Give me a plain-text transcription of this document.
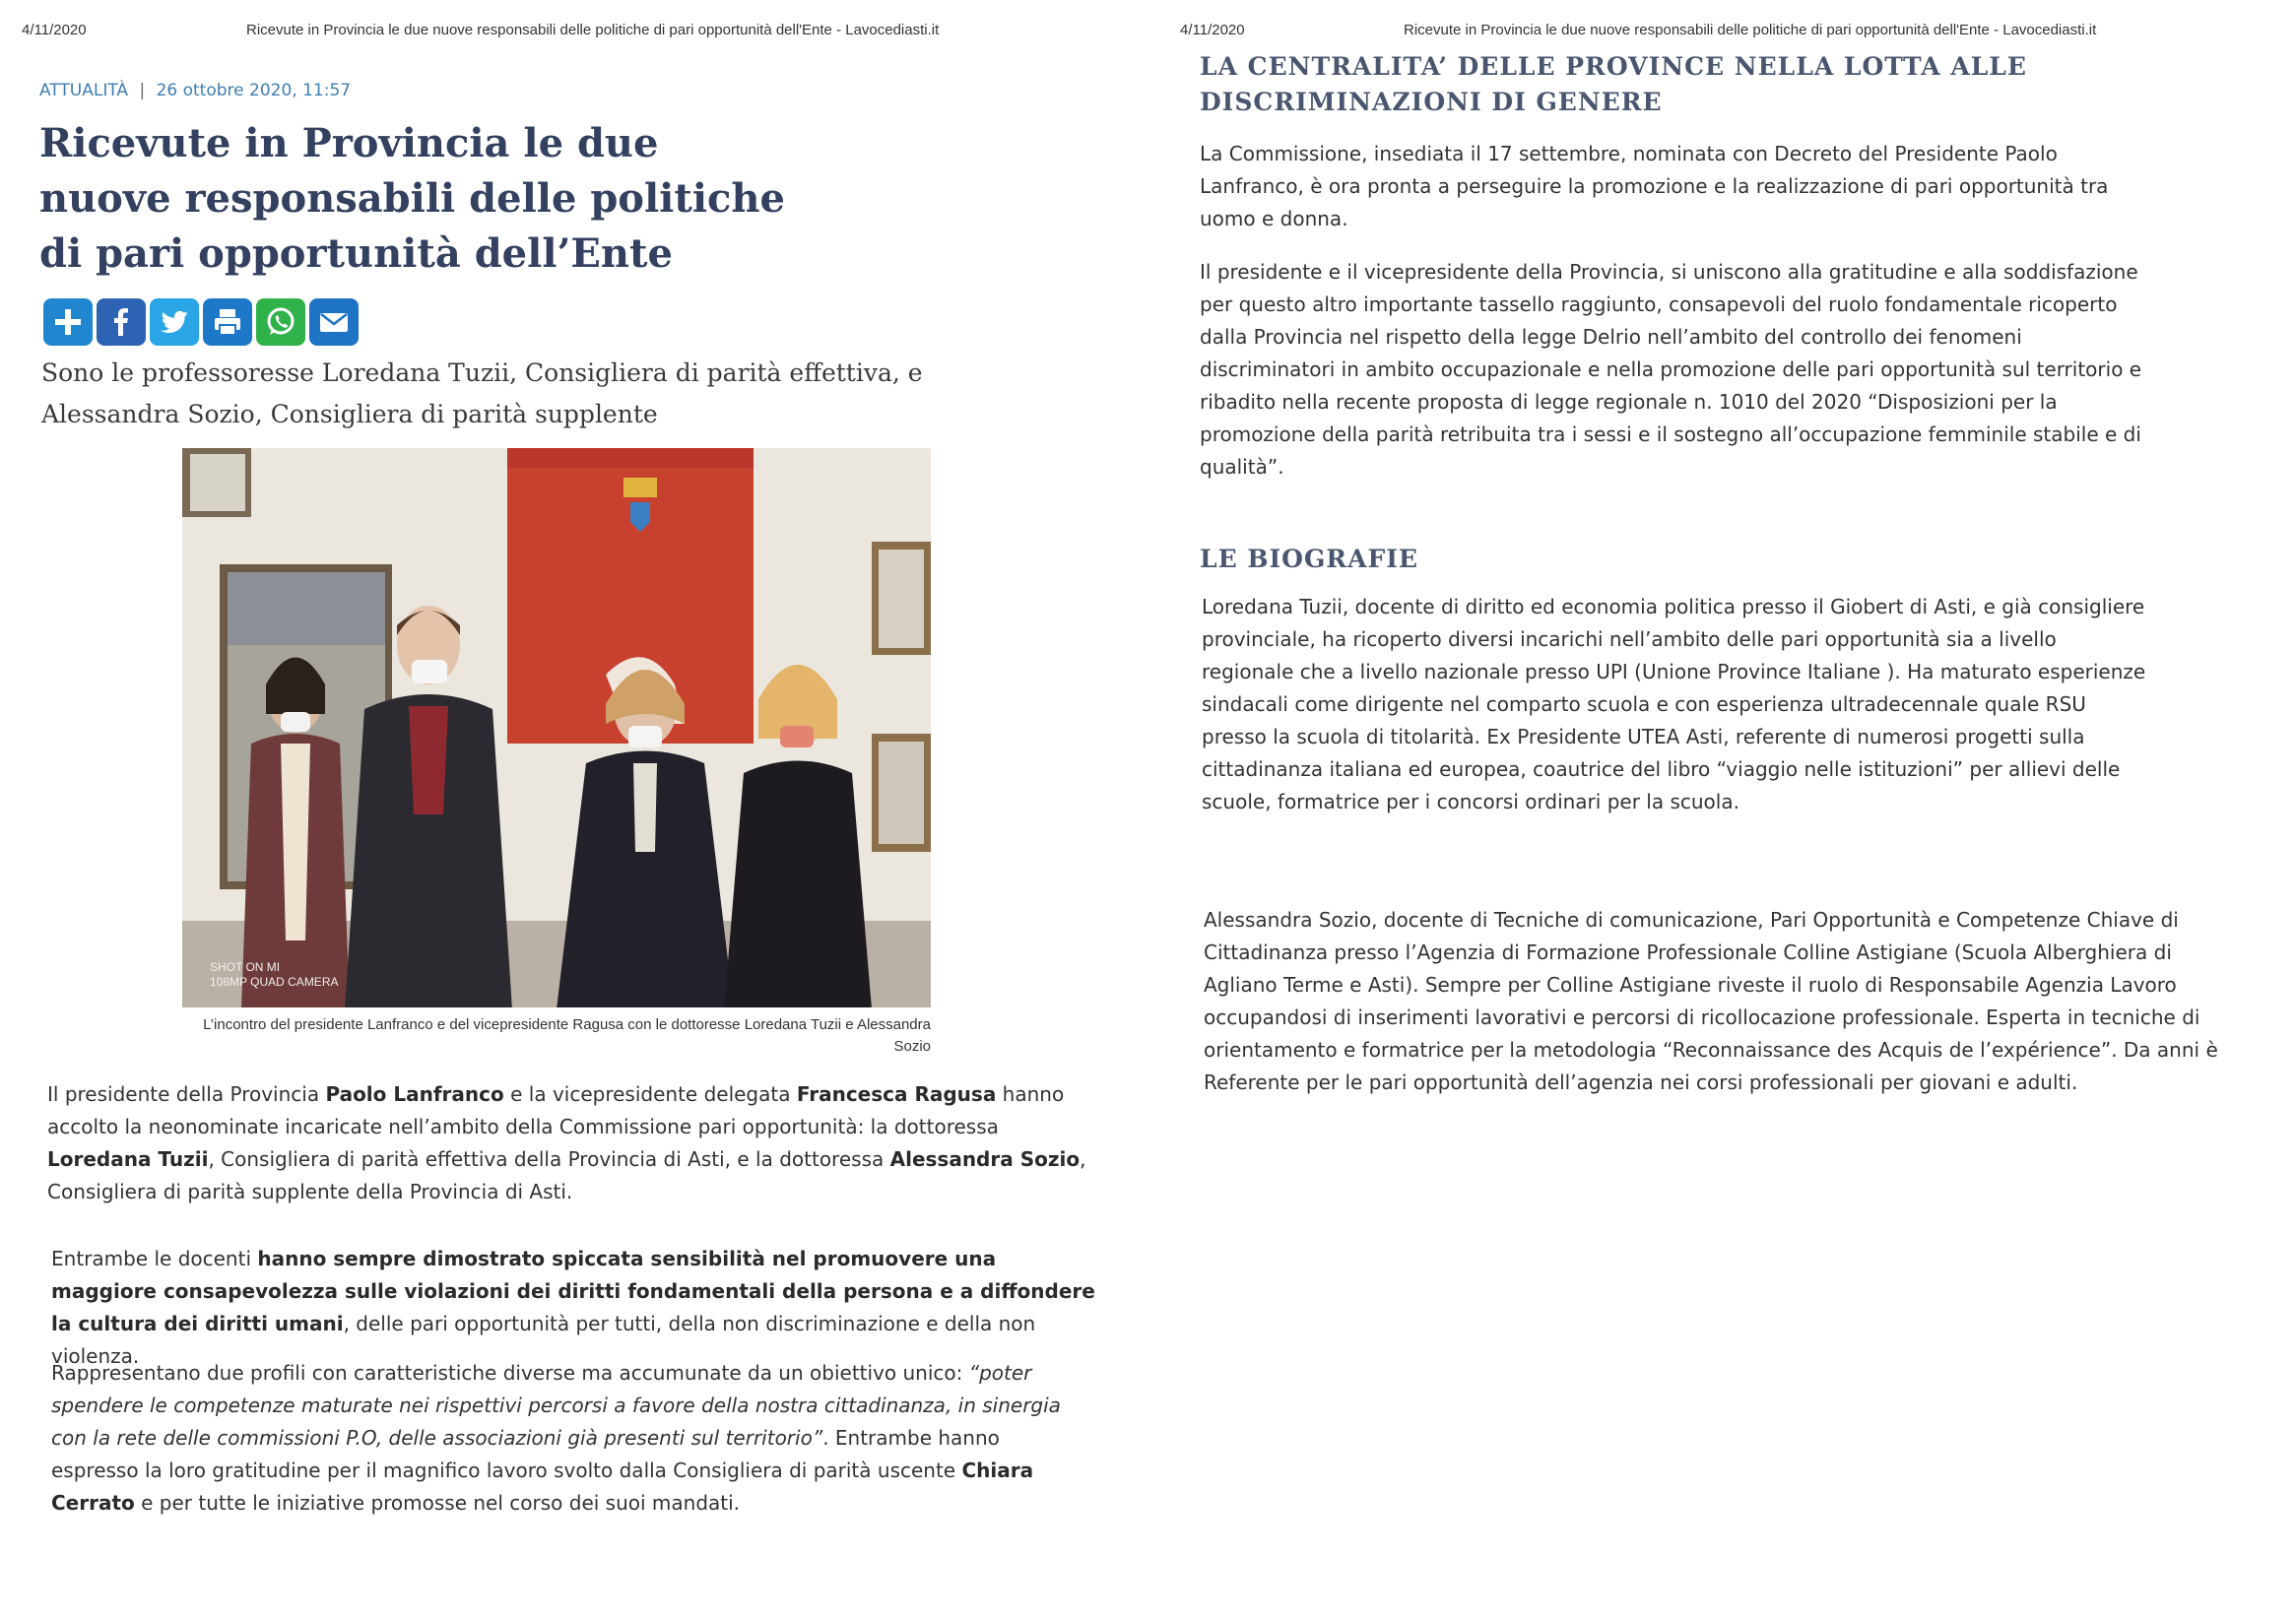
4/11/2020	Ricevute in Provincia le due nuove responsabili delle politiche di pari opportunità dell'Ente - Lavocediasti.it
ATTUALITÀ | 26 ottobre 2020, 11:57
Ricevute in Provincia le due nuove responsabili delle politiche di pari opportunità dell’Ente

Sono le professoresse Loredana Tuzii, Consigliera di parità effettiva, e Alessandra Sozio, Consigliera di parità supplente

SHOT ON MI
108MP QUAD CAMERA

L’incontro del presidente Lanfranco e del vicepresidente Ragusa con le dottoresse Loredana Tuzii e Alessandra Sozio

Il presidente della Provincia Paolo Lanfranco e la vicepresidente delegata Francesca Ragusa hanno accolto la neonominate incaricate nell’ambito della Commissione pari opportunità: la dottoressa Loredana Tuzii, Consigliera di parità effettiva della Provincia di Asti, e la dottoressa Alessandra Sozio, Consigliera di parità supplente della Provincia di Asti.

Entrambe le docenti hanno sempre dimostrato spiccata sensibilità nel promuovere una maggiore consapevolezza sulle violazioni dei diritti fondamentali della persona e a diffondere la cultura dei diritti umani, delle pari opportunità per tutti, della non discriminazione e della non violenza.

Rappresentano due profili con caratteristiche diverse ma accumunate da un obiettivo unico: “poter spendere le competenze maturate nei rispettivi percorsi a favore della nostra cittadinanza, in sinergia con la rete delle commissioni P.O, delle associazioni già presenti sul territorio”. Entrambe hanno espresso la loro gratitudine per il magnifico lavoro svolto dalla Consigliera di parità uscente Chiara Cerrato e per tutte le iniziative promosse nel corso dei suoi mandati.

4/11/2020	Ricevute in Provincia le due nuove responsabili delle politiche di pari opportunità dell'Ente - Lavocediasti.it
LA CENTRALITA’ DELLE PROVINCE NELLA LOTTA ALLE DISCRIMINAZIONI DI GENERE

La Commissione, insediata il 17 settembre, nominata con Decreto del Presidente Paolo Lanfranco, è ora pronta a perseguire la promozione e la realizzazione di pari opportunità tra uomo e donna.

Il presidente e il vicepresidente della Provincia, si uniscono alla gratitudine e alla soddisfazione per questo altro importante tassello raggiunto, consapevoli del ruolo fondamentale ricoperto dalla Provincia nel rispetto della legge Delrio nell’ambito del controllo dei fenomeni discriminatori in ambito occupazionale e nella promozione delle pari opportunità sul territorio e ribadito nella recente proposta di legge regionale n. 1010 del 2020 “Disposizioni per la promozione della parità retribuita tra i sessi e il sostegno all’occupazione femminile stabile e di qualità”.

LE BIOGRAFIE

Loredana Tuzii, docente di diritto ed economia politica presso il Giobert di Asti, e già consigliere provinciale, ha ricoperto diversi incarichi nell’ambito delle pari opportunità sia a livello regionale che a livello nazionale presso UPI (Unione Province Italiane ). Ha maturato esperienze sindacali come dirigente nel comparto scuola e con esperienza ultradecennale quale RSU presso la scuola di titolarità. Ex Presidente UTEA Asti, referente di numerosi progetti sulla cittadinanza italiana ed europea, coautrice del libro “viaggio nelle istituzioni” per allievi delle scuole, formatrice per i concorsi ordinari per la scuola.

Alessandra Sozio, docente di Tecniche di comunicazione, Pari Opportunità e Competenze Chiave di Cittadinanza presso l’Agenzia di Formazione Professionale Colline Astigiane (Scuola Alberghiera di Agliano Terme e Asti). Sempre per Colline Astigiane riveste il ruolo di Responsabile Agenzia Lavoro occupandosi di inserimenti lavorativi e percorsi di ricollocazione professionale. Esperta in tecniche di orientamento e formatrice per la metodologia “Reconnaissance des Acquis de l’expérience”. Da anni è Referente per le pari opportunità dell’agenzia nei corsi professionali per giovani e adulti.
